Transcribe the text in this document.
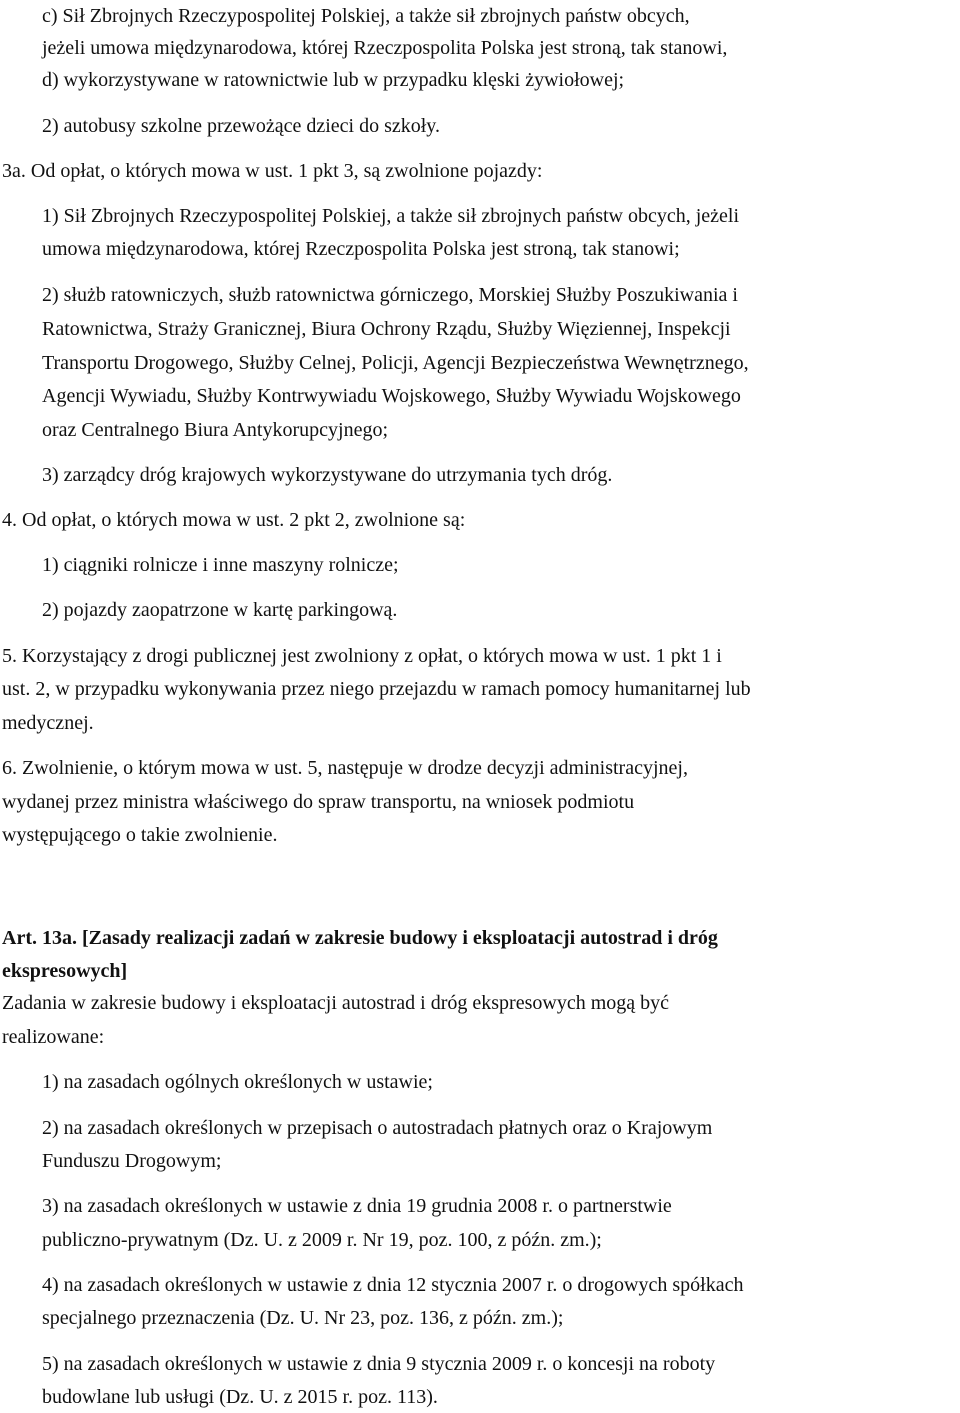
c) Sił Zbrojnych Rzeczypospolitej Polskiej, a także sił zbrojnych państw obcych,
jeżeli umowa międzynarodowa, której Rzeczpospolita Polska jest stroną, tak stanowi,
d) wykorzystywane w ratownictwie lub w przypadku klęski żywiołowej;
2) autobusy szkolne przewożące dzieci do szkoły.
3a. Od opłat, o których mowa w ust. 1 pkt 3, są zwolnione pojazdy:
1) Sił Zbrojnych Rzeczypospolitej Polskiej, a także sił zbrojnych państw obcych, jeżeli
umowa międzynarodowa, której Rzeczpospolita Polska jest stroną, tak stanowi;
2) służb ratowniczych, służb ratownictwa górniczego, Morskiej Służby Poszukiwania i
Ratownictwa, Straży Granicznej, Biura Ochrony Rządu, Służby Więziennej, Inspekcji
Transportu Drogowego, Służby Celnej, Policji, Agencji Bezpieczeństwa Wewnętrznego,
Agencji Wywiadu, Służby Kontrwywiadu Wojskowego, Służby Wywiadu Wojskowego
oraz Centralnego Biura Antykorupcyjnego;
3) zarządcy dróg krajowych wykorzystywane do utrzymania tych dróg.
4. Od opłat, o których mowa w ust. 2 pkt 2, zwolnione są:
1) ciągniki rolnicze i inne maszyny rolnicze;
2) pojazdy zaopatrzone w kartę parkingową.
5. Korzystający z drogi publicznej jest zwolniony z opłat, o których mowa w ust. 1 pkt 1 i
ust. 2, w przypadku wykonywania przez niego przejazdu w ramach pomocy humanitarnej lub
medycznej.
6. Zwolnienie, o którym mowa w ust. 5, następuje w drodze decyzji administracyjnej,
wydanej przez ministra właściwego do spraw transportu, na wniosek podmiotu
występującego o takie zwolnienie.
Art. 13a. [Zasady realizacji zadań w zakresie budowy i eksploatacji autostrad i dróg
ekspresowych]
Zadania w zakresie budowy i eksploatacji autostrad i dróg ekspresowych mogą być
realizowane:
1) na zasadach ogólnych określonych w ustawie;
2) na zasadach określonych w przepisach o autostradach płatnych oraz o Krajowym
Funduszu Drogowym;
3) na zasadach określonych w ustawie z dnia 19 grudnia 2008 r. o partnerstwie
publiczno-prywatnym (Dz. U. z 2009 r. Nr 19, poz. 100, z późn. zm.);
4) na zasadach określonych w ustawie z dnia 12 stycznia 2007 r. o drogowych spółkach
specjalnego przeznaczenia (Dz. U. Nr 23, poz. 136, z późn. zm.);
5) na zasadach określonych w ustawie z dnia 9 stycznia 2009 r. o koncesji na roboty
budowlane lub usługi (Dz. U. z 2015 r. poz. 113).
